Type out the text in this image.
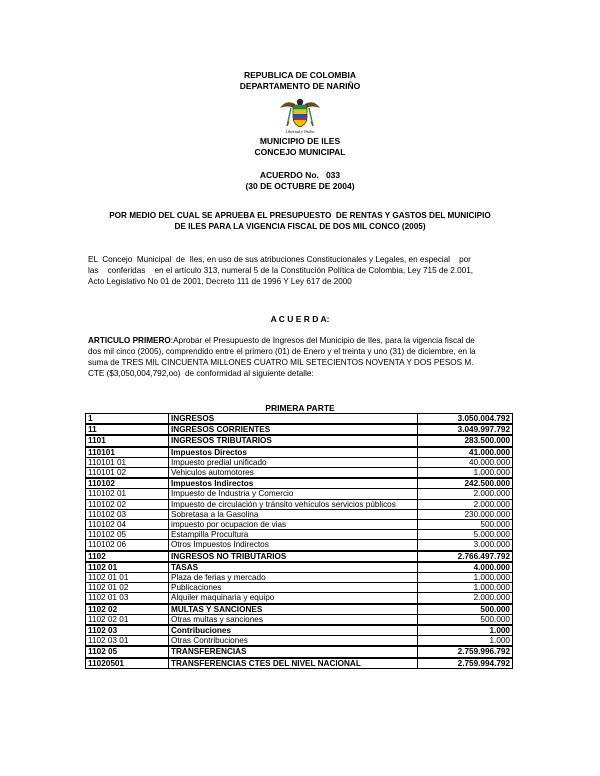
REPUBLICA DE COLOMBIA
DEPARTAMENTO DE NARIÑO
Libertad y Orden
MUNICIPIO DE ILES
CONCEJO MUNICIPAL
ACUERDO No.   033
(30 DE OCTUBRE DE 2004)
POR MEDIO DEL CUAL SE APRUEBA EL PRESUPUESTO  DE RENTAS Y GASTOS DEL MUNICIPIO
DE ILES PARA LA VIGENCIA FISCAL DE DOS MIL CONCO (2005)
EL  Concejo  Municipal  de  Iles, en uso de sus atribuciones Constitucionales y Legales, en especial    por
las    conferidas    en el artículo 313, numeral 5 de la Constitución Política de Colombia, Ley 715 de 2.001,
Acto Legislativo No 01 de 2001, Decreto 111 de 1996 Y Ley 617 de 2000
A C U E R D A:
ARTICULO PRIMERO:Aprobar el Presupuesto de Ingresos del Municipio de Iles, para la vigencia fiscal de
dos mil cinco (2005), comprendido entre el primero (01) de Enero y el treinta y uno (31) de diciembre, en la
suma de TRES MIL CINCUENTA MILLONES CUATRO MIL SETECIENTOS NOVENTA Y DOS PESOS M.
CTE ($3,050,004,792,oo)  de conformidad al siguiente detalle:
PRIMERA PARTE
1	INGRESOS	3.050.004.792
11	INGRESOS CORRIENTES	3.049.997.792
1101	INGRESOS TRIBUTARIOS	283.500.000
110101	Impuestos Directos	41.000.000
110101 01	Impuesto predial unificado	40.000.000
110101 02	Vehiculos automotores	1.000.000
110102	Impuestos Indirectos	242.500.000
110102 01	Impuesto de Industria y Comercio	2.000.000
110102 02	Impuesto de circulación y tránsito vehículos servicios públicos	2.000.000
110102 03	Sobretasa a la Gasolina	230.000.000
110102 04	impuesto por ocupacion de vias	500.000
110102 05	Estampilla Procultura	5.000.000
110102 06	Otros Impuestos Indirectos	3.000.000
1102	INGRESOS NO TRIBUTARIOS	2.766.497.792
1102 01	TASAS	4.000.000
1102 01 01	Plaza de ferias y mercado	1.000.000
1102 01 02	Publicaciones	1.000.000
1102 01 03	Alquiler maquinaria y equipo	2.000.000
1102 02	MULTAS Y SANCIONES	500.000
1102 02 01	Otras multas y sanciones	500.000
1102 03	Contribuciones	1.000
1102 03 01	Otras Contribuciones	1.000
1102 05	TRANSFERENCIAS	2.759.996.792
11020501	TRANSFERENCIAS CTES DEL NIVEL NACIONAL	2.759.994.792
